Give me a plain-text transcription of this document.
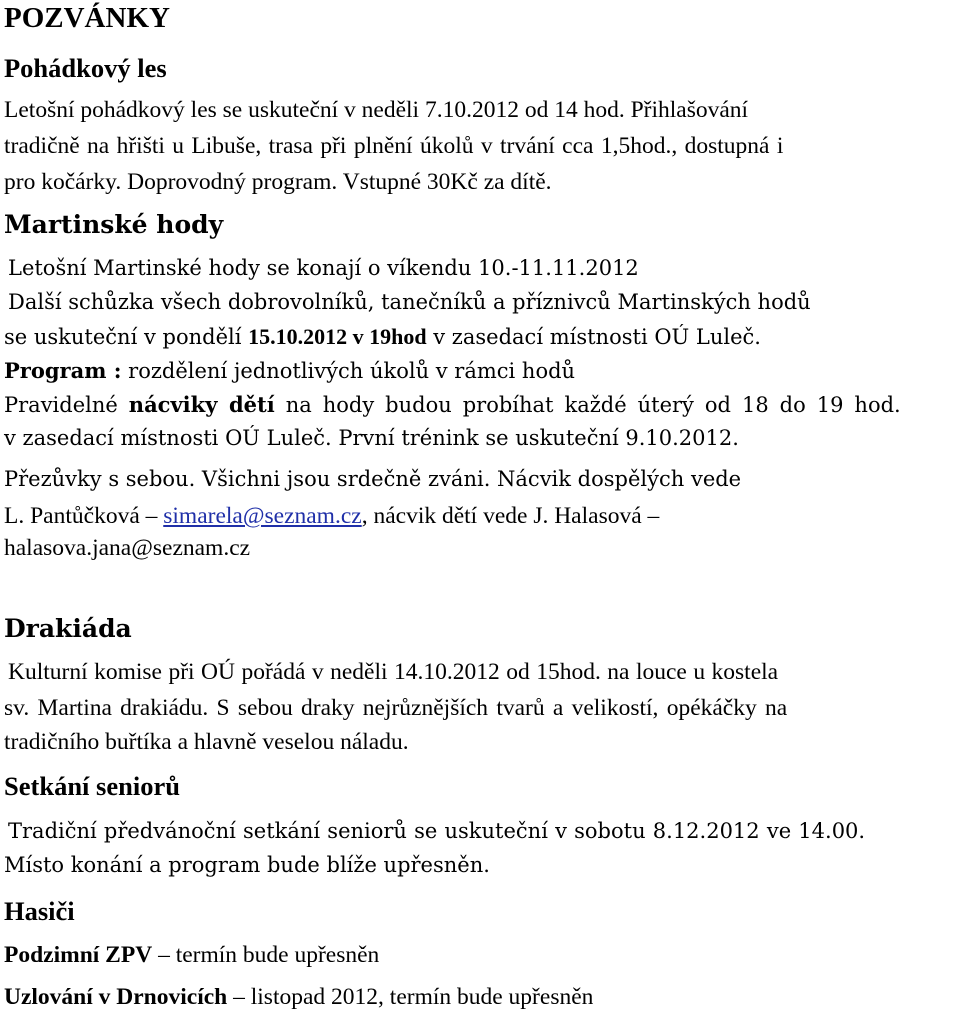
POZVÁNKY
Pohádkový les
Letošní pohádkový les se uskuteční v neděli 7.10.2012 od 14 hod. Přihlašování
tradičně na hřišti u Libuše, trasa při plnění úkolů v trvání cca 1,5hod., dostupná i
pro kočárky. Doprovodný program. Vstupné 30Kč za dítě.
Martinské hody
Letošní Martinské hody se konají o víkendu 10.-11.11.2012
Další schůzka všech dobrovolníků, tanečníků a příznivců Martinských hodů
se uskuteční v pondělí 15.10.2012 v 19hod v zasedací místnosti OÚ Luleč.
Program : rozdělení jednotlivých úkolů v rámci hodů
Pravidelné nácviky dětí na hody budou probíhat každé úterý od 18 do 19 hod.
v zasedací místnosti OÚ Luleč. První trénink se uskuteční 9.10.2012.
Přezůvky s sebou. Všichni jsou srdečně zváni. Nácvik dospělých vede
L. Pantůčková – simarela@seznam.cz, nácvik dětí vede J. Halasová –
halasova.jana@seznam.cz
Drakiáda
Kulturní komise při OÚ pořádá v neděli 14.10.2012 od 15hod. na louce u kostela
sv. Martina drakiádu. S sebou draky nejrůznějších tvarů a velikostí, opékáčky na
tradičního buřtíka a hlavně veselou náladu.
Setkání seniorů
Tradiční předvánoční setkání seniorů se uskuteční v sobotu 8.12.2012 ve 14.00.
Místo konání a program bude blíže upřesněn.
Hasiči
Podzimní ZPV – termín bude upřesněn
Uzlování v Drnovicích – listopad 2012, termín bude upřesněn
